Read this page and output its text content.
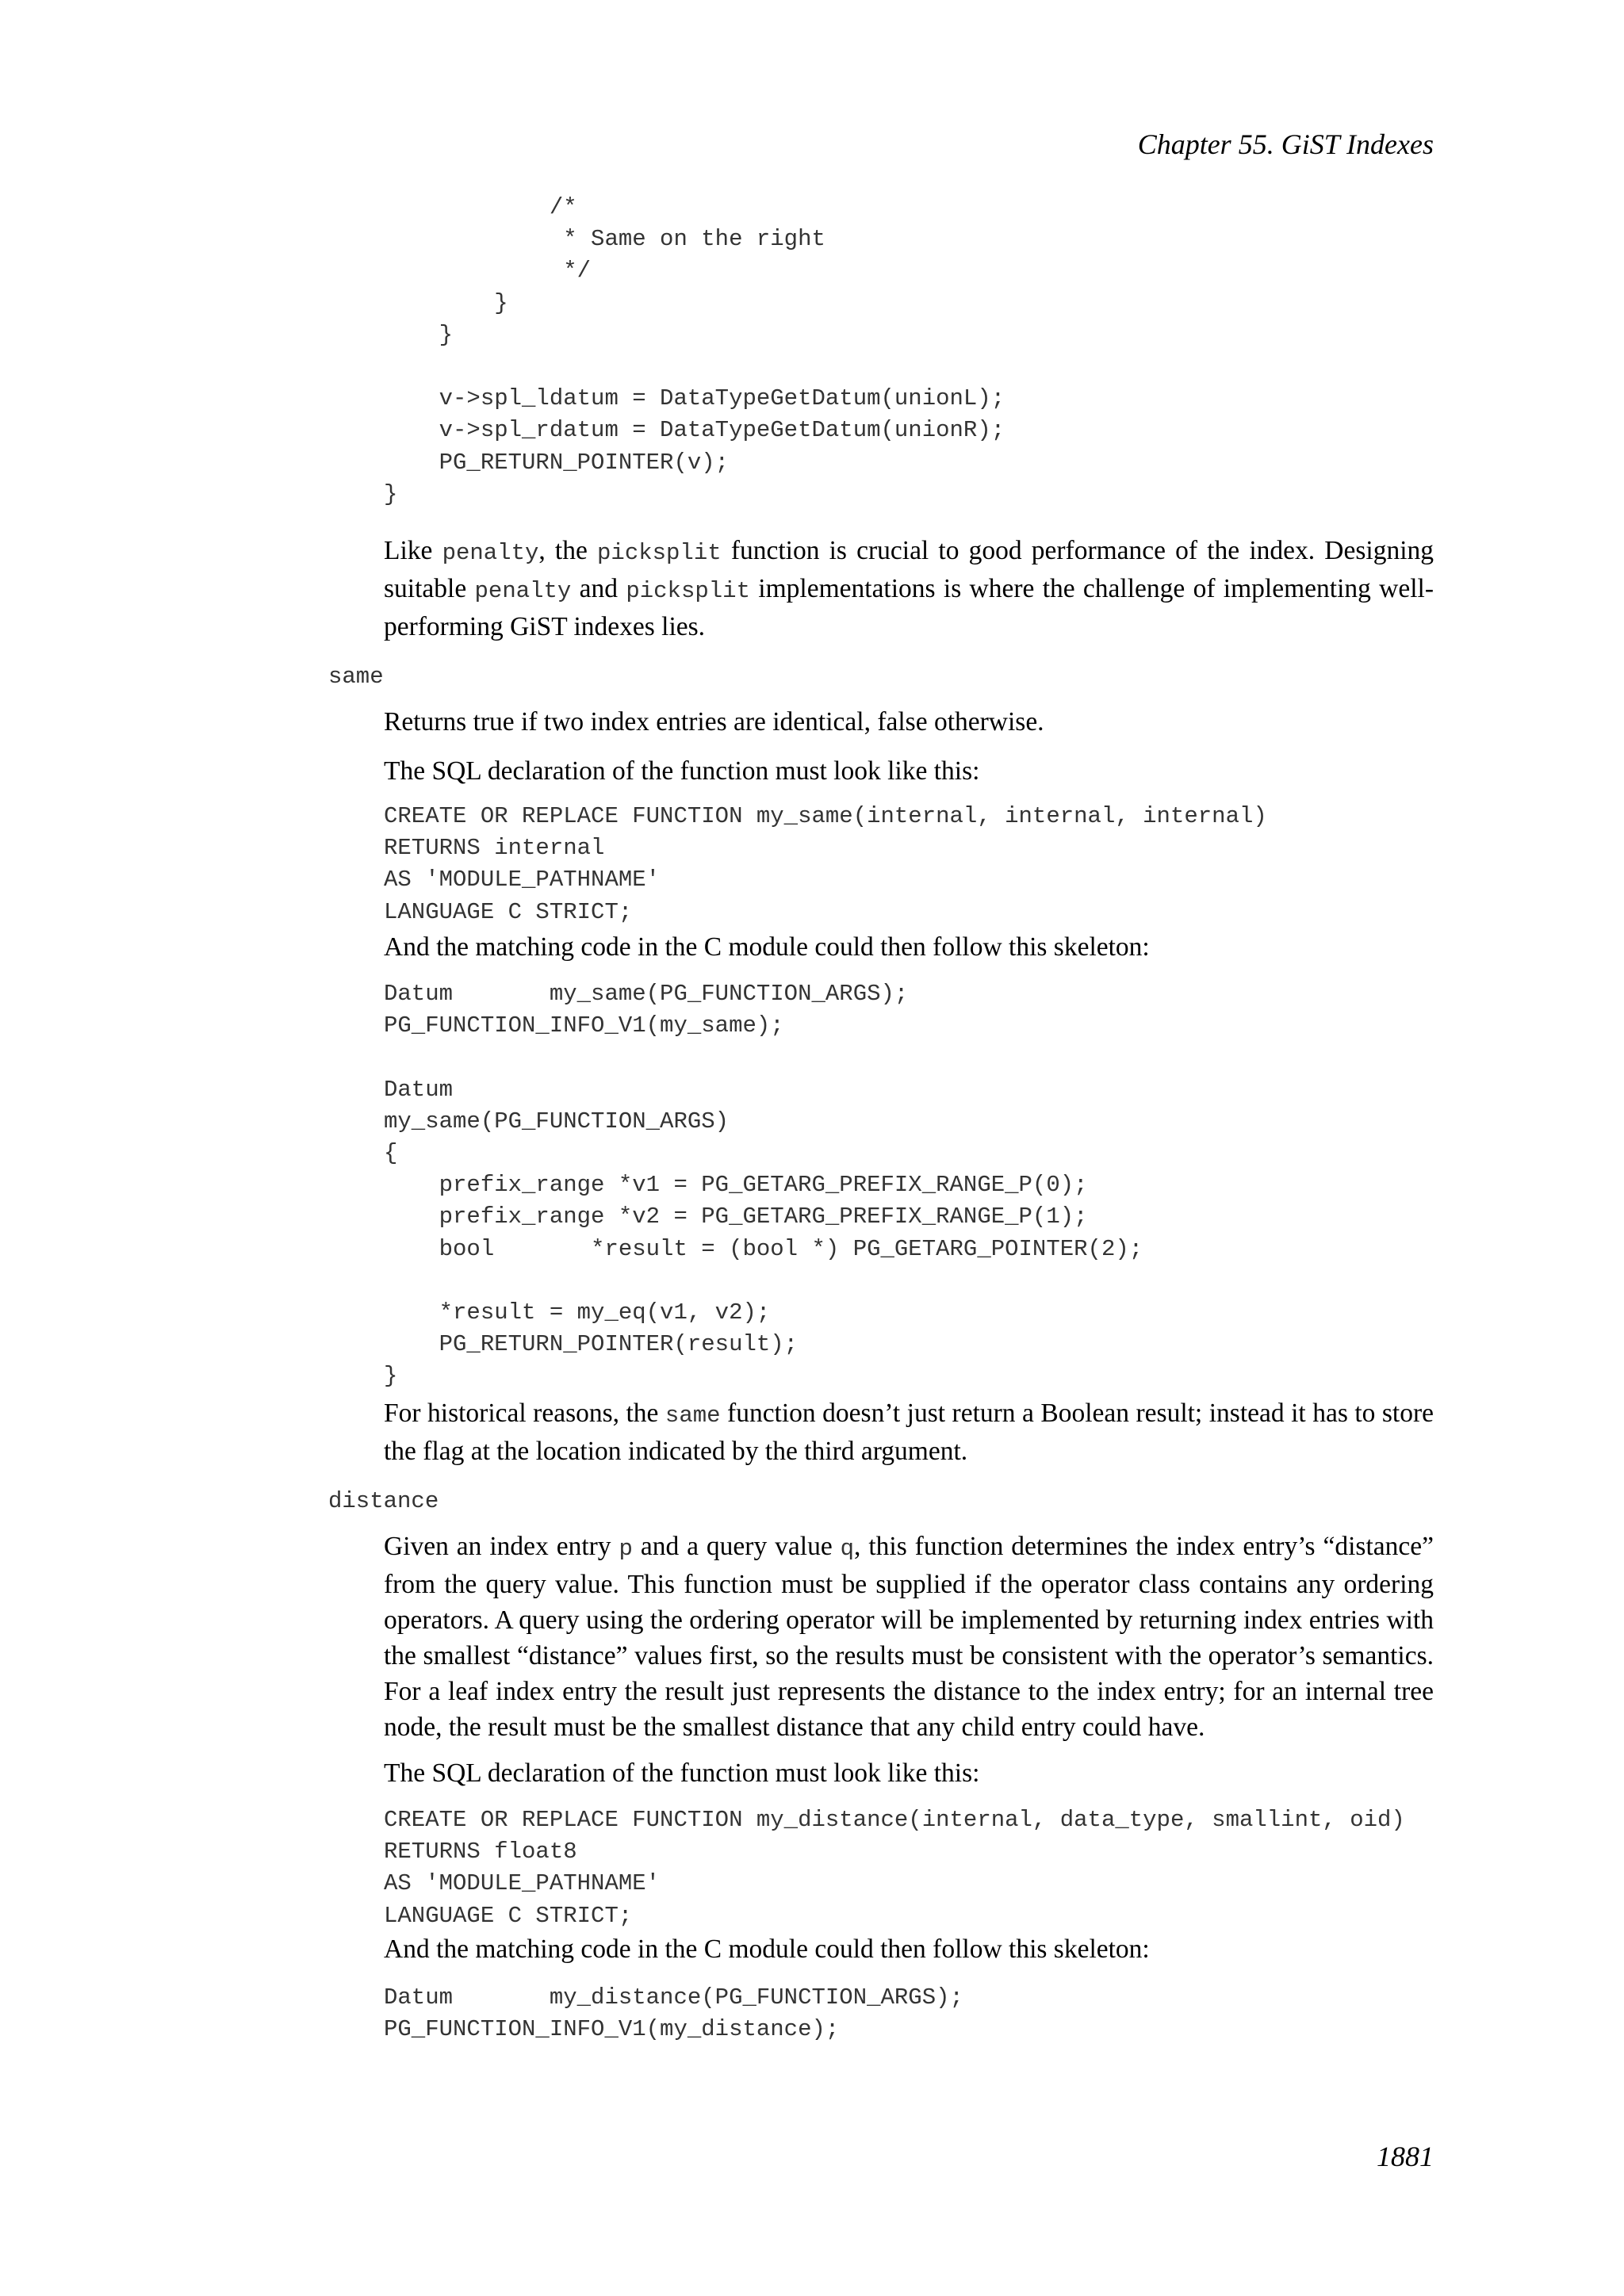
Chapter 55. GiST Indexes
/*
* Same on the right
*/
}
}

v->spl_ldatum = DataTypeGetDatum(unionL);
v->spl_rdatum = DataTypeGetDatum(unionR);
PG_RETURN_POINTER(v);
}

Like penalty, the picksplit function is crucial to good performance of the index. Designing suitable penalty and picksplit implementations is where the challenge of implementing well-performing GiST indexes lies.

same

Returns true if two index entries are identical, false otherwise.

The SQL declaration of the function must look like this:

CREATE OR REPLACE FUNCTION my_same(internal, internal, internal)
RETURNS internal
AS 'MODULE_PATHNAME'
LANGUAGE C STRICT;

And the matching code in the C module could then follow this skeleton:

Datum       my_same(PG_FUNCTION_ARGS);
PG_FUNCTION_INFO_V1(my_same);

Datum
my_same(PG_FUNCTION_ARGS)
{
prefix_range *v1 = PG_GETARG_PREFIX_RANGE_P(0);
prefix_range *v2 = PG_GETARG_PREFIX_RANGE_P(1);
bool       *result = (bool *) PG_GETARG_POINTER(2);

*result = my_eq(v1, v2);
PG_RETURN_POINTER(result);
}

For historical reasons, the same function doesn’t just return a Boolean result; instead it has to store the flag at the location indicated by the third argument.

distance

Given an index entry p and a query value q, this function determines the index entry’s “distance” from the query value. This function must be supplied if the operator class contains any ordering operators. A query using the ordering operator will be implemented by returning index entries with the smallest “distance” values first, so the results must be consistent with the operator’s semantics. For a leaf index entry the result just represents the distance to the index entry; for an internal tree node, the result must be the smallest distance that any child entry could have.

The SQL declaration of the function must look like this:

CREATE OR REPLACE FUNCTION my_distance(internal, data_type, smallint, oid)
RETURNS float8
AS 'MODULE_PATHNAME'
LANGUAGE C STRICT;

And the matching code in the C module could then follow this skeleton:

Datum       my_distance(PG_FUNCTION_ARGS);
PG_FUNCTION_INFO_V1(my_distance);
1881
